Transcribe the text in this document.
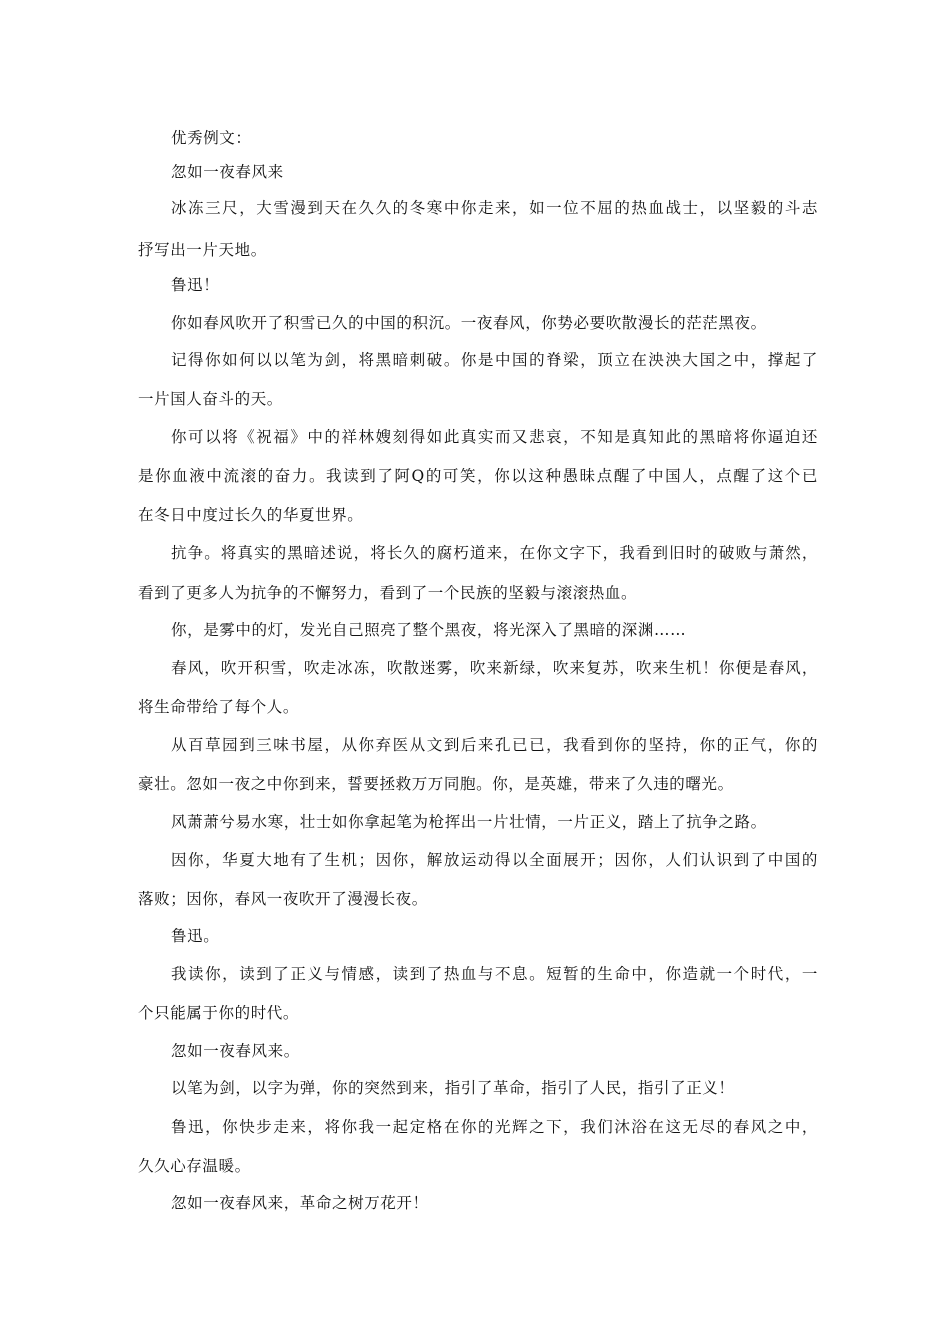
优秀例文：
忽如一夜春风来
冰冻三尺，大雪漫到天在久久的冬寒中你走来，如一位不屈的热血战士，以坚毅的斗志
抒写出一片天地。
鲁迅！
你如春风吹开了积雪已久的中国的积沉。一夜春风，你势必要吹散漫长的茫茫黑夜。
记得你如何以以笔为剑，将黑暗刺破。你是中国的脊梁，顶立在泱泱大国之中，撑起了
一片国人奋斗的天。
你可以将《祝福》中的祥林嫂刻得如此真实而又悲哀，不知是真知此的黑暗将你逼迫还
是你血液中流滚的奋力。我读到了阿Q的可笑，你以这种愚昧点醒了中国人，点醒了这个已
在冬日中度过长久的华夏世界。
抗争。将真实的黑暗述说，将长久的腐朽道来，在你文字下，我看到旧时的破败与萧然，
看到了更多人为抗争的不懈努力，看到了一个民族的坚毅与滚滚热血。
你，是雾中的灯，发光自己照亮了整个黑夜，将光深入了黑暗的深渊……
春风，吹开积雪，吹走冰冻，吹散迷雾，吹来新绿，吹来复苏，吹来生机！你便是春风，
将生命带给了每个人。
从百草园到三味书屋，从你弃医从文到后来孔已已，我看到你的坚持，你的正气，你的
豪壮。忽如一夜之中你到来，誓要拯救万万同胞。你，是英雄，带来了久违的曙光。
风萧萧兮易水寒，壮士如你拿起笔为枪挥出一片壮情，一片正义，踏上了抗争之路。
因你，华夏大地有了生机；因你，解放运动得以全面展开；因你，人们认识到了中国的
落败；因你，春风一夜吹开了漫漫长夜。
鲁迅。
我读你，读到了正义与情感，读到了热血与不息。短暂的生命中，你造就一个时代，一
个只能属于你的时代。
忽如一夜春风来。
以笔为剑，以字为弹，你的突然到来，指引了革命，指引了人民，指引了正义！
鲁迅，你快步走来，将你我一起定格在你的光辉之下，我们沐浴在这无尽的春风之中，
久久心存温暖。
忽如一夜春风来，革命之树万花开！
